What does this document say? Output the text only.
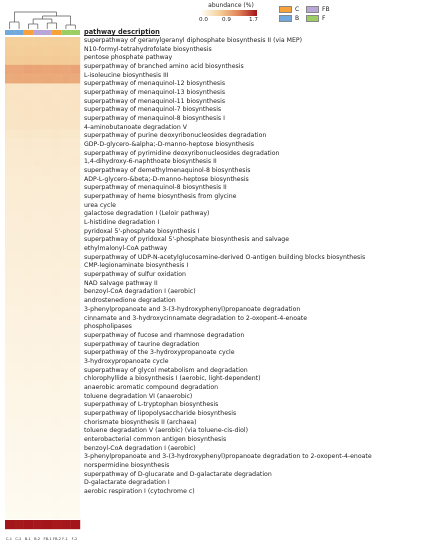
abundance (%)
0.0	0.9	1.7
C
B
FB
F
pathway description
superpathway of geranylgeranyl diphosphate biosynthesis II (via MEP)
N10-formyl-tetrahydrofolate biosynthesis
pentose phosphate pathway
superpathway of branched amino acid biosynthesis
L-isoleucine biosynthesis III
superpathway of menaquinol-12 biosynthesis
superpathway of menaquinol-13 biosynthesis
superpathway of menaquinol-11 biosynthesis
superpathway of menaquinol-7 biosynthesis
superpathway of menaquinol-8 biosynthesis I
4-aminobutanoate degradation V
superpathway of purine deoxyribonucleosides degradation
GDP-D-glycero-&alpha;-D-manno-heptose biosynthesis
superpathway of pyrimidine deoxyribonucleosides degradation
1,4-dihydroxy-6-naphthoate biosynthesis II
superpathway of demethylmenaquinol-8 biosynthesis
ADP-L-glycero-&beta;-D-manno-heptose biosynthesis
superpathway of menaquinol-8 biosynthesis II
superpathway of heme biosynthesis from glycine
urea cycle
galactose degradation I (Leloir pathway)
L-histidine degradation I
pyridoxal 5'-phosphate biosynthesis I
superpathway of pyridoxal 5'-phosphate biosynthesis and salvage
ethylmalonyl-CoA pathway
superpathway of UDP-N-acetylglucosamine-derived O-antigen building blocks biosynthesis
CMP-legionaminate biosynthesis I
superpathway of sulfur oxidation
NAD salvage pathway II
benzoyl-CoA degradation I (aerobic)
androstenedione degradation
3-phenylpropanoate and 3-(3-hydroxyphenyl)propanoate degradation
cinnamate and 3-hydroxycinnamate degradation to 2-oxopent-4-enoate
phospholipases
superpathway of fucose and rhamnose degradation
superpathway of taurine degradation
superpathway of the 3-hydroxypropanoate cycle
3-hydroxypropanoate cycle
superpathway of glycol metabolism and degradation
chlorophyllide a biosynthesis I (aerobic, light-dependent)
anaerobic aromatic compound degradation
toluene degradation VI (anaerobic)
superpathway of L-tryptophan biosynthesis
superpathway of lipopolysaccharide biosynthesis
chorismate biosynthesis II (archaea)
toluene degradation V (aerobic) (via toluene-cis-diol)
enterobacterial common antigen biosynthesis
benzoyl-CoA degradation I (aerobic)
3-phenylpropanoate and 3-(3-hydroxyphenyl)propanoate degradation to 2-oxopent-4-enoate
norspermidine biosynthesis
superpathway of D-glucarate and D-galactarate degradation
D-galactarate degradation I
aerobic respiration I (cytochrome c)
C-1 C-2 B-1 B-2 FB-1 FB-2 F-1 F-2
